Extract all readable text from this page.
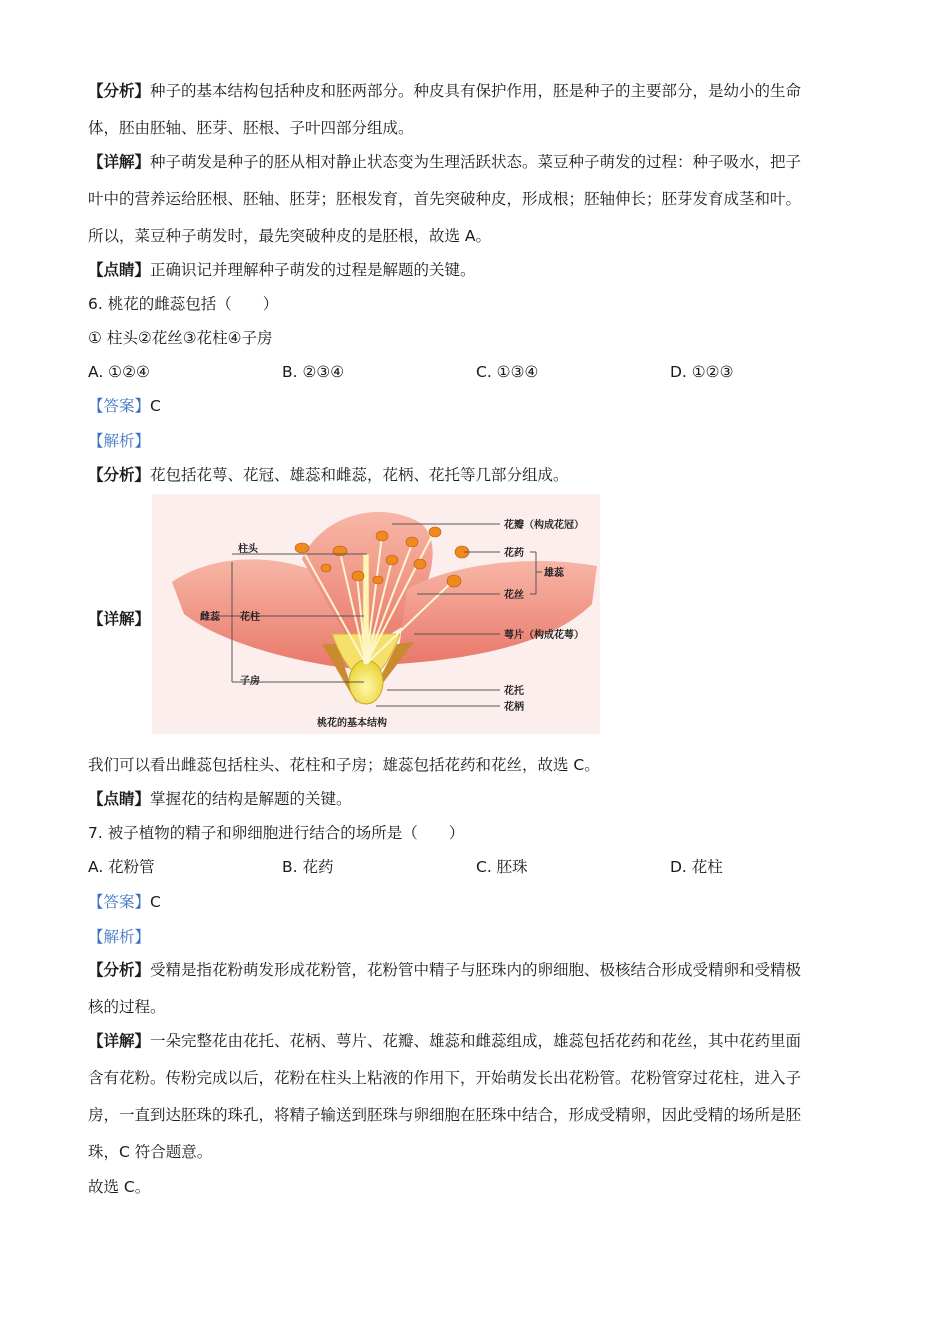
【分析】种子的基本结构包括种皮和胚两部分。种皮具有保护作用，胚是种子的主要部分，是幼小的生命
体，胚由胚轴、胚芽、胚根、子叶四部分组成。
【详解】种子萌发是种子的胚从相对静止状态变为生理活跃状态。菜豆种子萌发的过程：种子吸水，把子
叶中的营养运给胚根、胚轴、胚芽；胚根发育，首先突破种皮，形成根；胚轴伸长；胚芽发育成茎和叶。
所以，菜豆种子萌发时，最先突破种皮的是胚根，故选 A。
【点睛】正确识记并理解种子萌发的过程是解题的关键。
6. 桃花的雌蕊包括（　　）
① 柱头②花丝③花柱④子房
A. ①②④	B. ②③④	C. ①③④	D. ①②③
【答案】C
【解析】
【分析】花包括花萼、花冠、雄蕊和雌蕊，花柄、花托等几部分组成。
【详解】
花瓣（构成花冠）
花药
雄蕊
花丝
萼片（构成花萼）
花托
花柄
柱头
雌蕊 花柱
子房
桃花的基本结构
我们可以看出雌蕊包括柱头、花柱和子房；雄蕊包括花药和花丝，故选 C。
【点睛】掌握花的结构是解题的关键。
7. 被子植物的精子和卵细胞进行结合的场所是（　　）
A. 花粉管	B. 花药	C. 胚珠	D. 花柱
【答案】C
【解析】
【分析】受精是指花粉萌发形成花粉管，花粉管中精子与胚珠内的卵细胞、极核结合形成受精卵和受精极
核的过程。
【详解】一朵完整花由花托、花柄、萼片、花瓣、雄蕊和雌蕊组成，雄蕊包括花药和花丝，其中花药里面
含有花粉。传粉完成以后，花粉在柱头上粘液的作用下，开始萌发长出花粉管。花粉管穿过花柱，进入子
房，一直到达胚珠的珠孔，将精子输送到胚珠与卵细胞在胚珠中结合，形成受精卵，因此受精的场所是胚
珠，C 符合题意。
故选 C。
